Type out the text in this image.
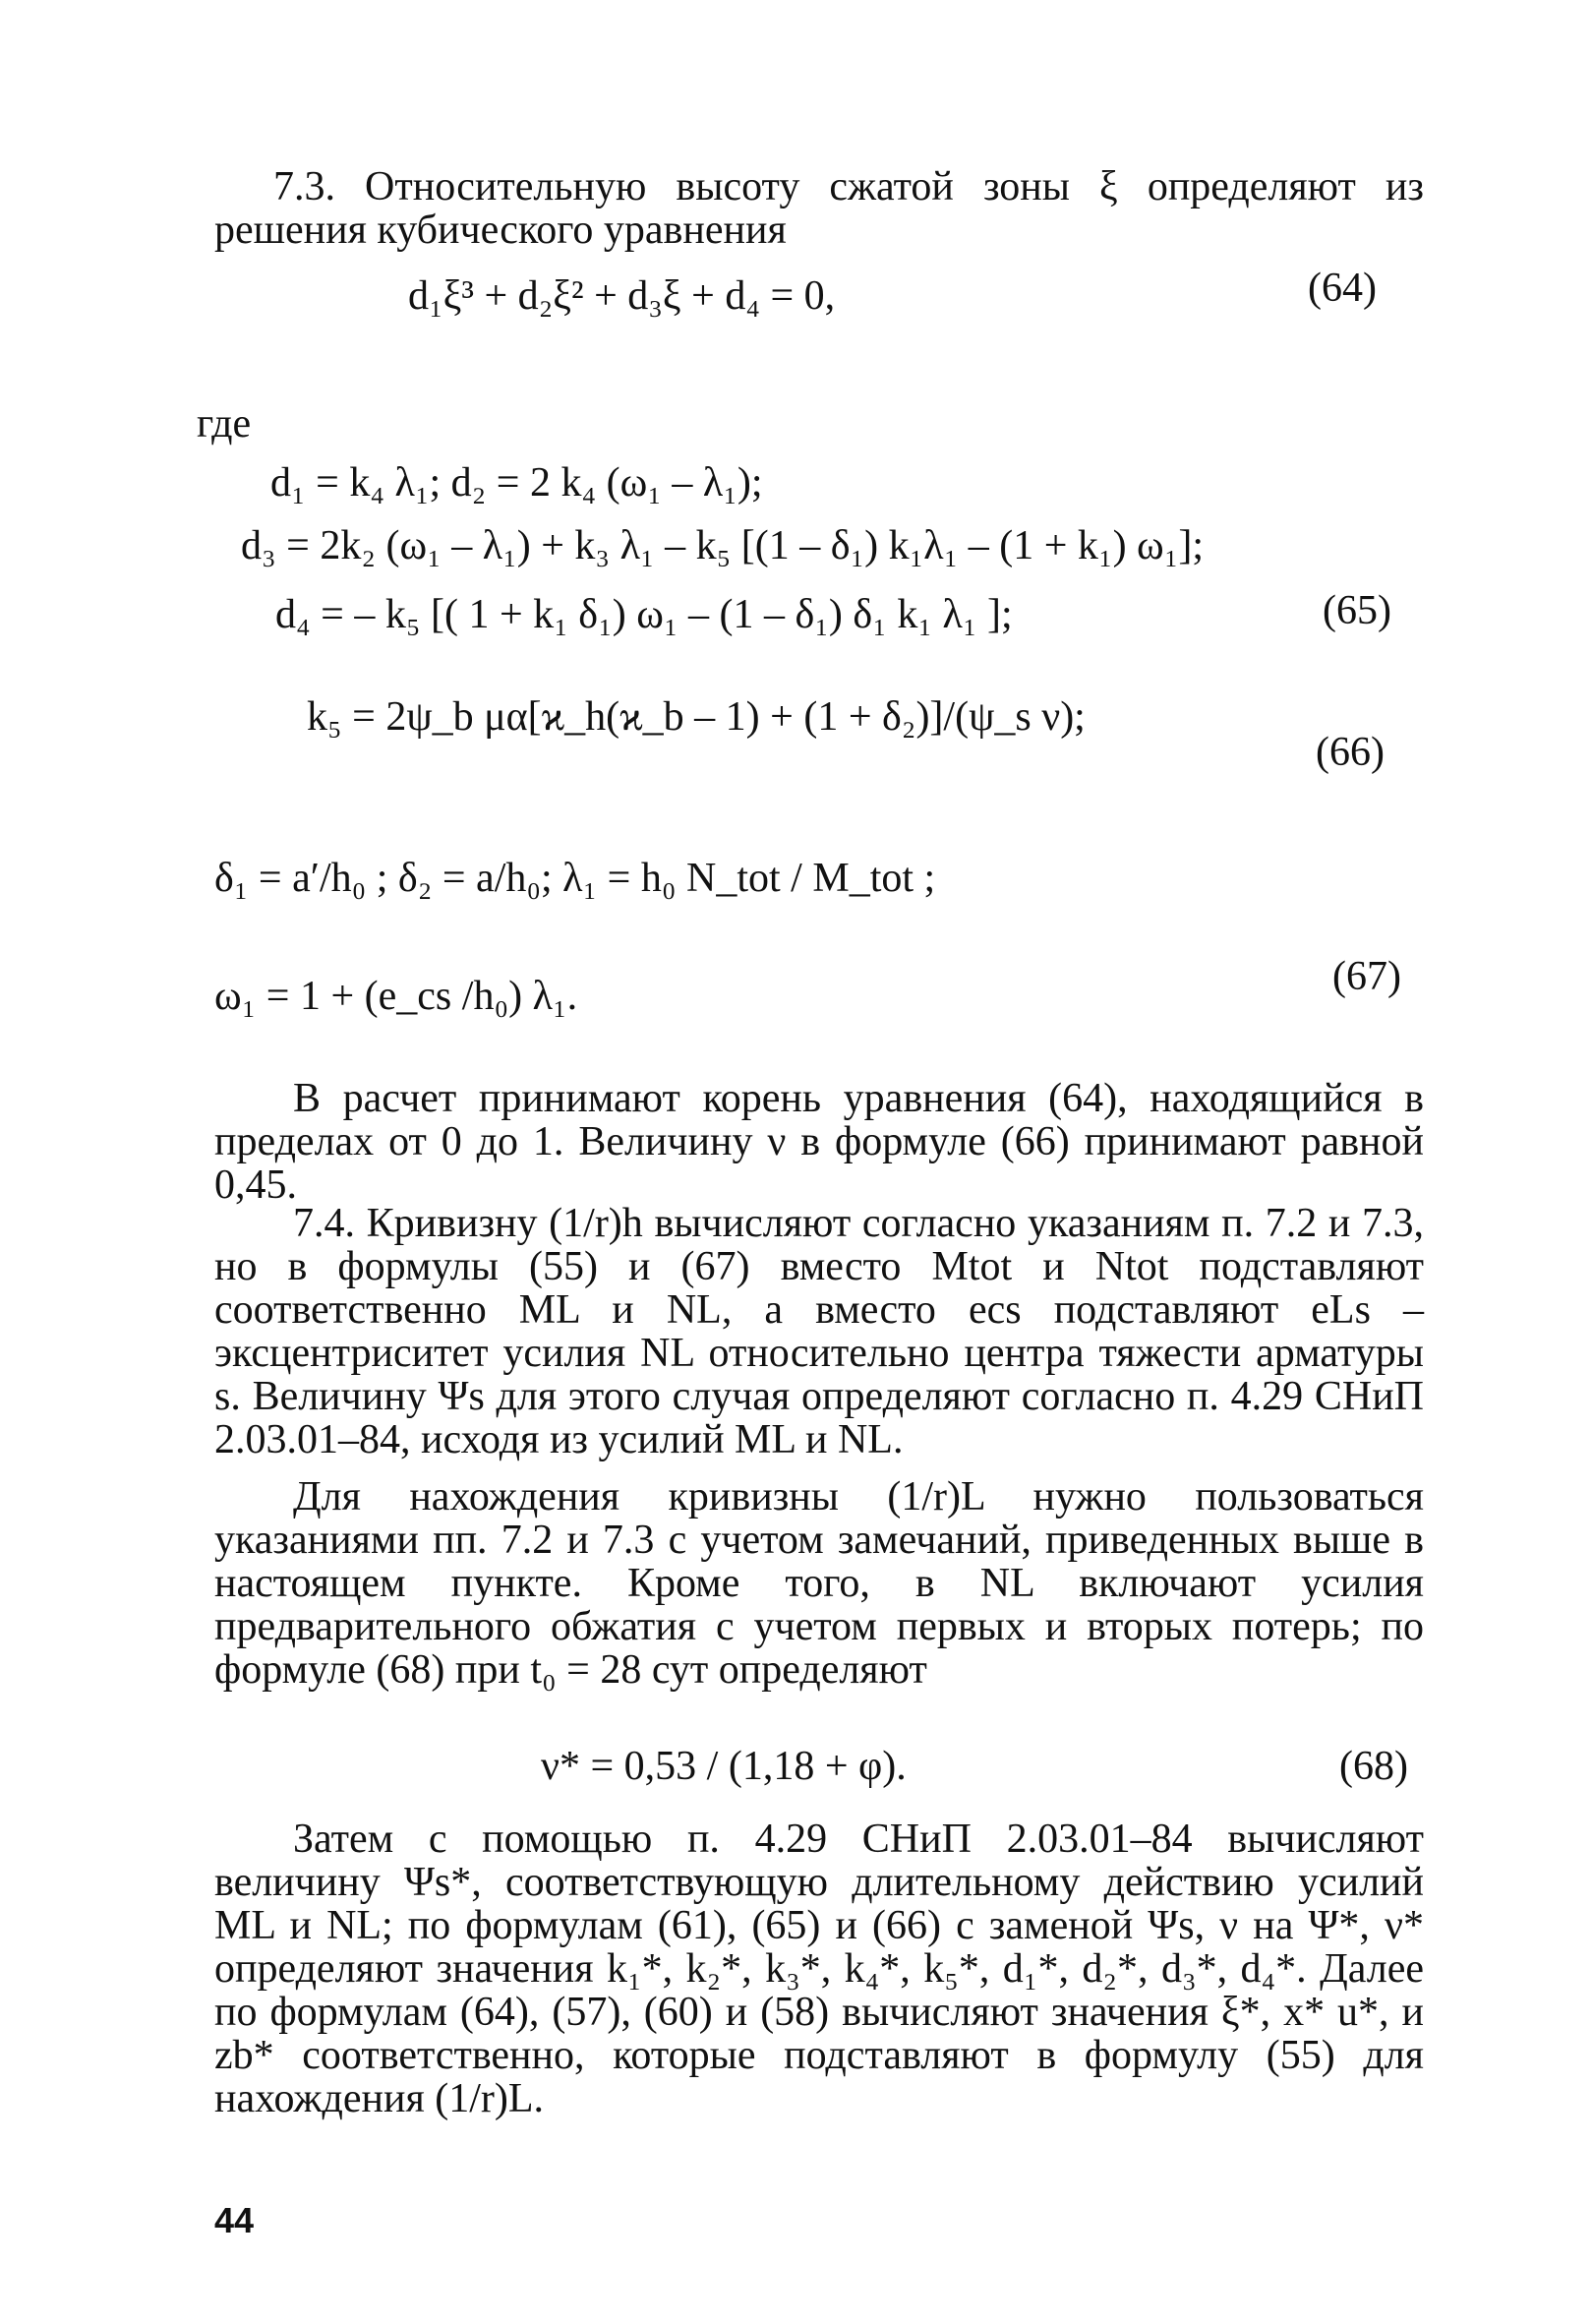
7.3. Относительную высоту сжатой зоны ξ определяют из решения кубического уравнения
d₁ξ³ + d₂ξ² + d₃ξ + d₄ = 0,	(64)
где
d₁ = k₄ λ₁; d₂ = 2 k₄ (ω₁ – λ₁);
d₃ = 2k₂ (ω₁ – λ₁) + k₃ λ₁ – k₅ [(1 – δ₁) k₁λ₁ – (1 + k₁) ω₁];
d₄ = – k₅ [( 1 + k₁ δ₁) ω₁ – (1 – δ₁) δ₁ k₁ λ₁ ];	(65)
k₅ = 2ψ_b μα[ϰ_h(ϰ_b – 1) + (1 + δ₂)]/(ψ_s ν);
(66)
δ₁ = a′/h₀ ; δ₂ = a/h₀; λ₁ = h₀ N_tot / M_tot ;
ω₁ = 1 + (e_cs /h₀) λ₁.	(67)
В расчет принимают корень уравнения (64), находящийся в пределах от 0 до 1. Величину ν в формуле (66) принимают равной 0,45.
7.4. Кривизну (1/r)h вычисляют согласно указаниям п. 7.2 и 7.3, но в формулы (55) и (67) вместо Mtot и Ntot подставляют соответственно ML и NL, а вместо ecs подставляют eLs – эксцентриситет усилия NL относительно центра тяжести арматуры s. Величину Ψs для этого случая определяют согласно п. 4.29 СНиП 2.03.01–84, исходя из усилий ML и NL.
Для нахождения кривизны (1/r)L нужно пользоваться указаниями пп. 7.2 и 7.3 с учетом замечаний, приведенных выше в настоящем пункте. Кроме того, в NL включают усилия предварительного обжатия с учетом первых и вторых потерь; по формуле (68) при t₀ = 28 сут определяют
ν* = 0,53 / (1,18 + φ).	(68)
Затем с помощью п. 4.29 СНиП 2.03.01–84 вычисляют величину Ψs*, соответствующую длительному действию усилий ML и NL; по формулам (61), (65) и (66) с заменой Ψs, ν на Ψ*, ν* определяют значения k₁*, k₂*, k₃*, k₄*, k₅*, d₁*, d₂*, d₃*, d₄*. Далее по формулам (64), (57), (60) и (58) вычисляют значения ξ*, x* u*, и zb* соответственно, которые подставляют в формулу (55) для нахождения (1/r)L.
44
